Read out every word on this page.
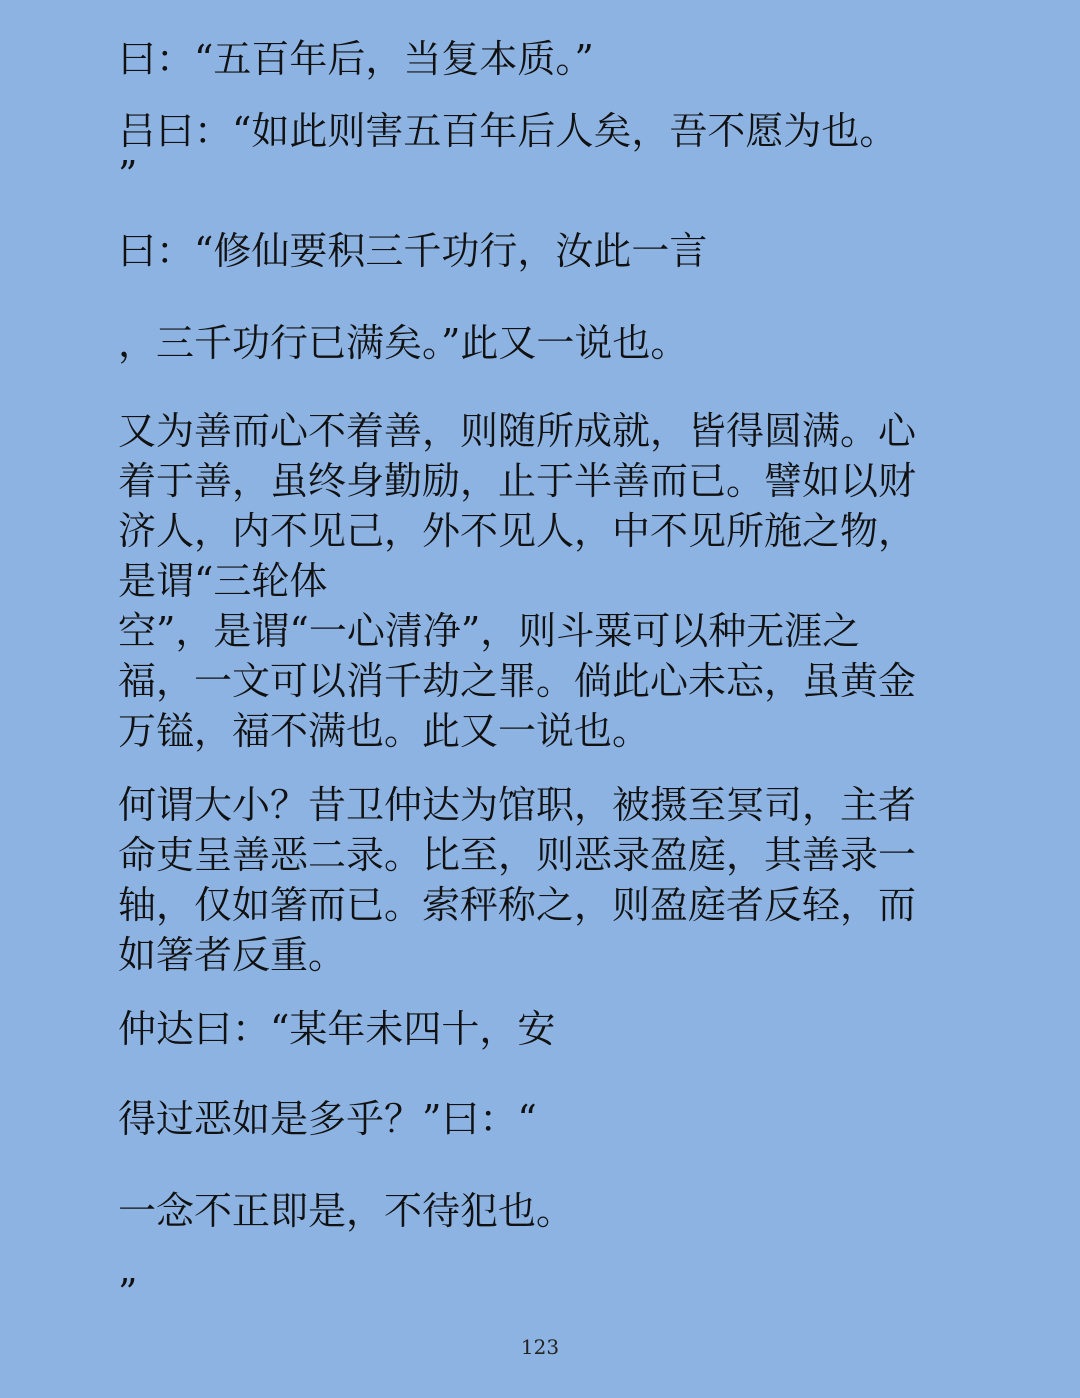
曰：“五百年后，当复本质。”
吕曰：“如此则害五百年后人矣，吾不愿为也。
”
曰：“修仙要积三千功行，汝此一言
，三千功行已满矣。”此又一说也。
又为善而心不着善，则随所成就，皆得圆满。心
着于善，虽终身勤励，止于半善而已。譬如以财
济人，内不见己，外不见人，中不见所施之物，
是谓“三轮体
空”，是谓“一心清净”，则斗粟可以种无涯之
福，一文可以消千劫之罪。倘此心未忘，虽黄金
万镒，福不满也。此又一说也。
何谓大小？昔卫仲达为馆职，被摄至冥司，主者
命吏呈善恶二录。比至，则恶录盈庭，其善录一
轴，仅如箸而已。索秤称之，则盈庭者反轻，而
如箸者反重。
仲达曰：“某年未四十，安
得过恶如是多乎？”曰：“
一念不正即是，不待犯也。
”
123
